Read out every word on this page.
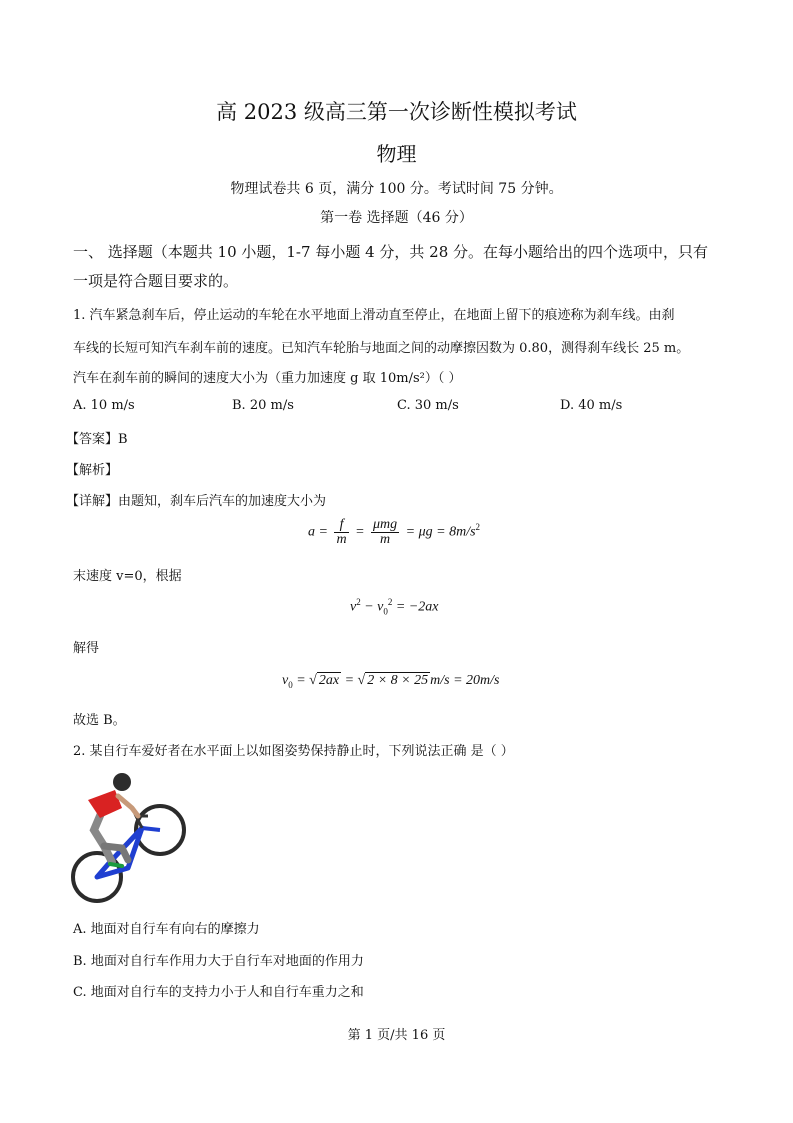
高 2023 级高三第一次诊断性模拟考试
物理
物理试卷共 6 页，满分 100 分。考试时间 75 分钟。
第一卷 选择题（46 分）
一、 选择题（本题共 10 小题，1-7 每小题 4 分，共 28 分。在每小题给出的四个选项中，只有
一项是符合题目要求的。
1. 汽车紧急刹车后，停止运动的车轮在水平地面上滑动直至停止，在地面上留下的痕迹称为刹车线。由刹
车线的长短可知汽车刹车前的速度。已知汽车轮胎与地面之间的动摩擦因数为 0.80，测得刹车线长 25 m。
汽车在刹车前的瞬间的速度大小为（重力加速度 g 取 10m/s²）（ ）
A. 10 m/s	B. 20 m/s	C. 30 m/s	D. 40 m/s
【答案】B
【解析】
【详解】由题知，刹车后汽车的加速度大小为
$a = \frac{f}{m} = \frac{\text{μmg}}{m} = \mu g = 8m/s^2$
末速度 v=0，根据
$v^2 - v_0^2 = -2ax$
解得
$v_0$ = √ 2ax = √ 2 × 8 × 25 m/s = 20m/s
故选 B。
2. 某自行车爱好者在水平面上以如图姿势保持静止时，下列说法正确 是（ ）
A. 地面对自行车有向右的摩擦力
B. 地面对自行车作用力大于自行车对地面的作用力
C. 地面对自行车的支持力小于人和自行车重力之和
第 1 页/共 16 页
